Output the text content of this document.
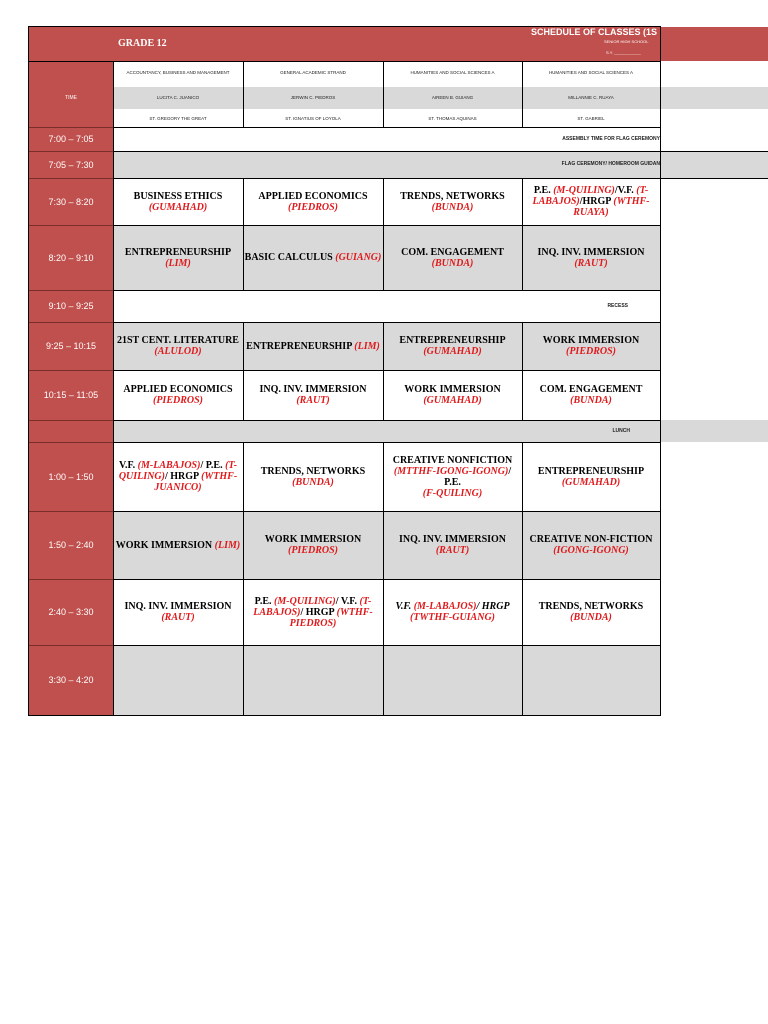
GRADE 12
SCHEDULE OF CLASSES (1S
SENIOR HIGH SCHOOL
S.Y. ____________
TIME
ACCOUNTANCY, BUSINESS AND MANAGEMENT
LUCITA C. JUANICO
ST. GREGORY THE GREAT
GENERAL ACADEMIC STRAND
JERWIN C. PIEDROS
ST. IGNATIUS OF LOYOLA
HUMANITIES AND SOCIAL SCIENCES A
AIREEN B. GUIANG
ST. THOMAS AQUINAS
HUMANITIES AND SOCIAL SCIENCES A
MILLANNIE C. RUAYA
ST. GABRIEL
7:00 – 7:05
7:05 – 7:30
7:30 – 8:20
8:20 – 9:10
9:10 – 9:25
9:25 – 10:15
10:15 – 11:05
1:00 – 1:50
1:50 – 2:40
2:40 – 3:30
3:30 – 4:20
ASSEMBLY TIME FOR FLAG CEREMONY
FLAG CEREMONY/ HOMEROOM GUIDAN
RECESS
LUNCH
BUSINESS ETHICS
(GUMAHAD)
APPLIED ECONOMICS
(PIEDROS)
TRENDS, NETWORKS
(BUNDA)
P.E. (M-QUILING)/V.F. (T-LABAJOS)/HRGP (WTHF-RUAYA)
ENTREPRENEURSHIP (LIM)	BASIC CALCULUS (GUIANG) COM. ENGAGEMENT
(BUNDA)
INQ. INV. IMMERSION
(RAUT)
21ST CENT. LITERATURE
(ALULOD)	ENTREPRENEURSHIP (LIM) ENTREPRENEURSHIP
(GUMAHAD)
WORK IMMERSION
(PIEDROS)
APPLIED ECONOMICS
(PIEDROS)
INQ. INV. IMMERSION
(RAUT)
WORK IMMERSION
(GUMAHAD)
COM. ENGAGEMENT
(BUNDA)
V.F. (M-LABAJOS)/ P.E. (T-QUILING)/ HRGP (WTHF-JUANICO)
TRENDS, NETWORKS
(BUNDA)
CREATIVE NONFICTION
(MTTHF-IGONG-IGONG)/ P.E.
(F-QUILING)
ENTREPRENEURSHIP
(GUMAHAD)
WORK IMMERSION (LIM) WORK IMMERSION
(PIEDROS)
INQ. INV. IMMERSION
(RAUT)
CREATIVE NON-FICTION
(IGONG-IGONG)
INQ. INV. IMMERSION
(RAUT)
P.E. (M-QUILING)/ V.F. (T-LABAJOS)/ HRGP (WTHF-PIEDROS)
V.F. (M-LABAJOS)/ HRGP
(TWTHF-GUIANG)
TRENDS, NETWORKS
(BUNDA)
